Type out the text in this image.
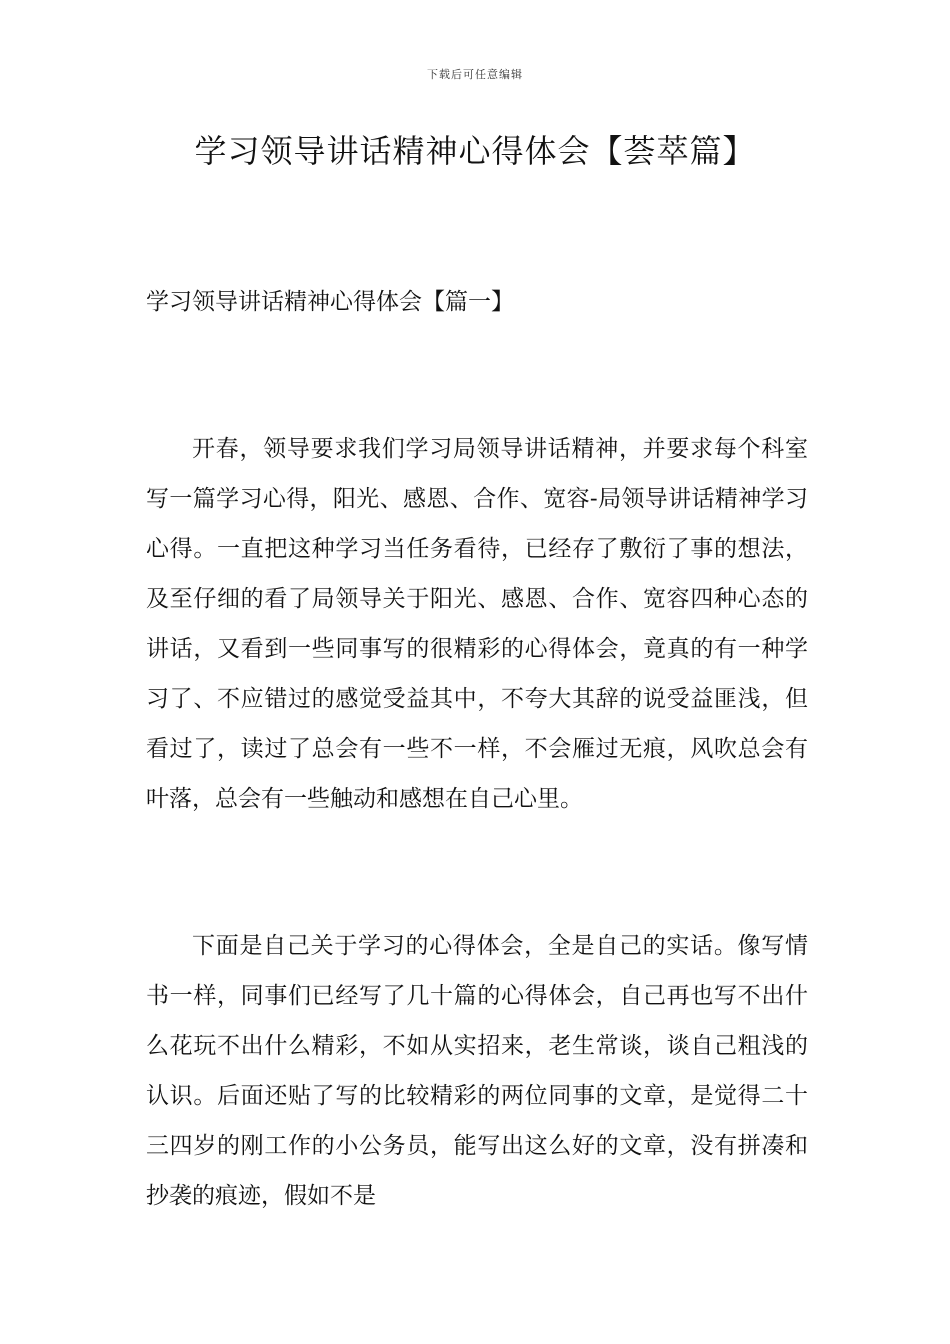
下载后可任意编辑
学习领导讲话精神心得体会【荟萃篇】
学习领导讲话精神心得体会【篇一】

开春，领导要求我们学习局领导讲话精神，并要求每个科室写一篇学习心得，阳光、感恩、合作、宽容-局领导讲话精神学习心得。一直把这种学习当任务看待，已经存了敷衍了事的想法，及至仔细的看了局领导关于阳光、感恩、合作、宽容四种心态的讲话，又看到一些同事写的很精彩的心得体会，竟真的有一种学习了、不应错过的感觉受益其中，不夸大其辞的说受益匪浅，但看过了，读过了总会有一些不一样，不会雁过无痕，风吹总会有叶落，总会有一些触动和感想在自己心里。

下面是自己关于学习的心得体会，全是自己的实话。像写情书一样，同事们已经写了几十篇的心得体会，自己再也写不出什么花玩不出什么精彩，不如从实招来，老生常谈，谈自己粗浅的认识。后面还贴了写的比较精彩的两位同事的文章，是觉得二十三四岁的刚工作的小公务员，能写出这么好的文章，没有拼凑和抄袭的痕迹，假如不是
